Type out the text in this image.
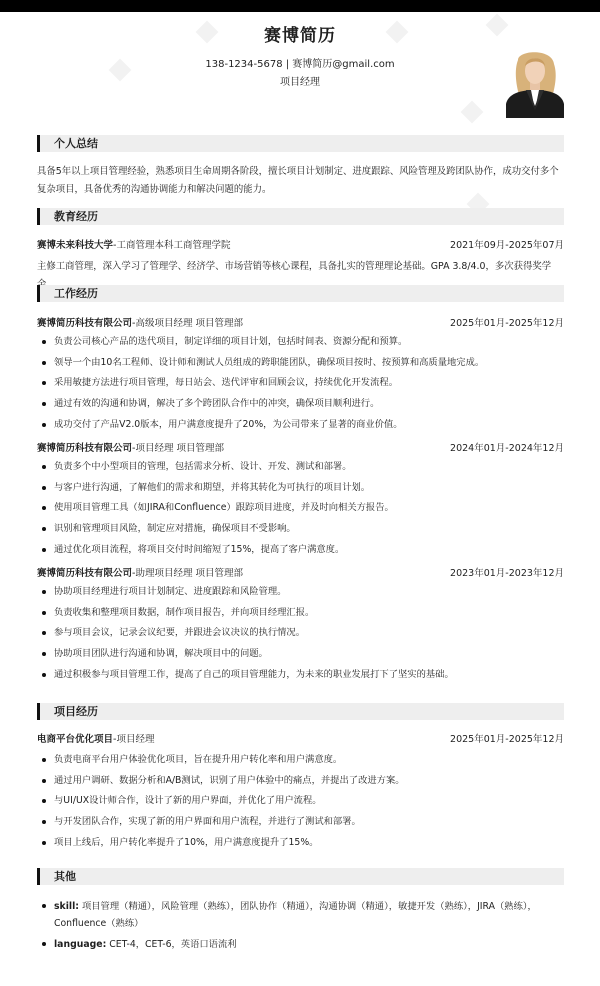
赛博简历
138-1234-5678 | 赛博简历@gmail.com
项目经理
个人总结
具备5年以上项目管理经验，熟悉项目生命周期各阶段，擅长项目计划制定、进度跟踪、风险管理及跨团队协作，成功交付多个复杂项目，具备优秀的沟通协调能力和解决问题的能力。
教育经历
赛博未来科技大学-工商管理本科工商管理学院	2021年09月-2025年07月
主修工商管理，深入学习了管理学、经济学、市场营销等核心课程，具备扎实的管理理论基础。GPA 3.8/4.0，多次获得奖学
工作经历
赛博简历科技有限公司-高级项目经理 项目管理部	2025年01月-2025年12月
负责公司核心产品的迭代项目，制定详细的项目计划，包括时间表、资源分配和预算。
领导一个由10名工程师、设计师和测试人员组成的跨职能团队，确保项目按时、按预算和高质量地完成。
采用敏捷方法进行项目管理，每日站会、迭代评审和回顾会议，持续优化开发流程。
通过有效的沟通和协调，解决了多个跨团队合作中的冲突，确保项目顺利进行。
成功交付了产品V2.0版本，用户满意度提升了20%，为公司带来了显著的商业价值。
赛博简历科技有限公司-项目经理 项目管理部	2024年01月-2024年12月
负责多个中小型项目的管理，包括需求分析、设计、开发、测试和部署。
与客户进行沟通，了解他们的需求和期望，并将其转化为可执行的项目计划。
使用项目管理工具（如JIRA和Confluence）跟踪项目进度，并及时向相关方报告。
识别和管理项目风险，制定应对措施，确保项目不受影响。
通过优化项目流程，将项目交付时间缩短了15%，提高了客户满意度。
赛博简历科技有限公司-助理项目经理 项目管理部	2023年01月-2023年12月
协助项目经理进行项目计划制定、进度跟踪和风险管理。
负责收集和整理项目数据，制作项目报告，并向项目经理汇报。
参与项目会议，记录会议纪要，并跟进会议决议的执行情况。
协助项目团队进行沟通和协调，解决项目中的问题。
通过积极参与项目管理工作，提高了自己的项目管理能力，为未来的职业发展打下了坚实的基础。
项目经历
电商平台优化项目-项目经理	2025年01月-2025年12月
负责电商平台用户体验优化项目，旨在提升用户转化率和用户满意度。
通过用户调研、数据分析和A/B测试，识别了用户体验中的痛点，并提出了改进方案。
与UI/UX设计师合作，设计了新的用户界面，并优化了用户流程。
与开发团队合作，实现了新的用户界面和用户流程，并进行了测试和部署。
项目上线后，用户转化率提升了10%，用户满意度提升了15%。
其他
skill: 项目管理（精通），风险管理（熟练），团队协作（精通），沟通协调（精通），敏捷开发（熟练），JIRA（熟练），Confluence（熟练）
language: CET-4，CET-6，英语口语流利
